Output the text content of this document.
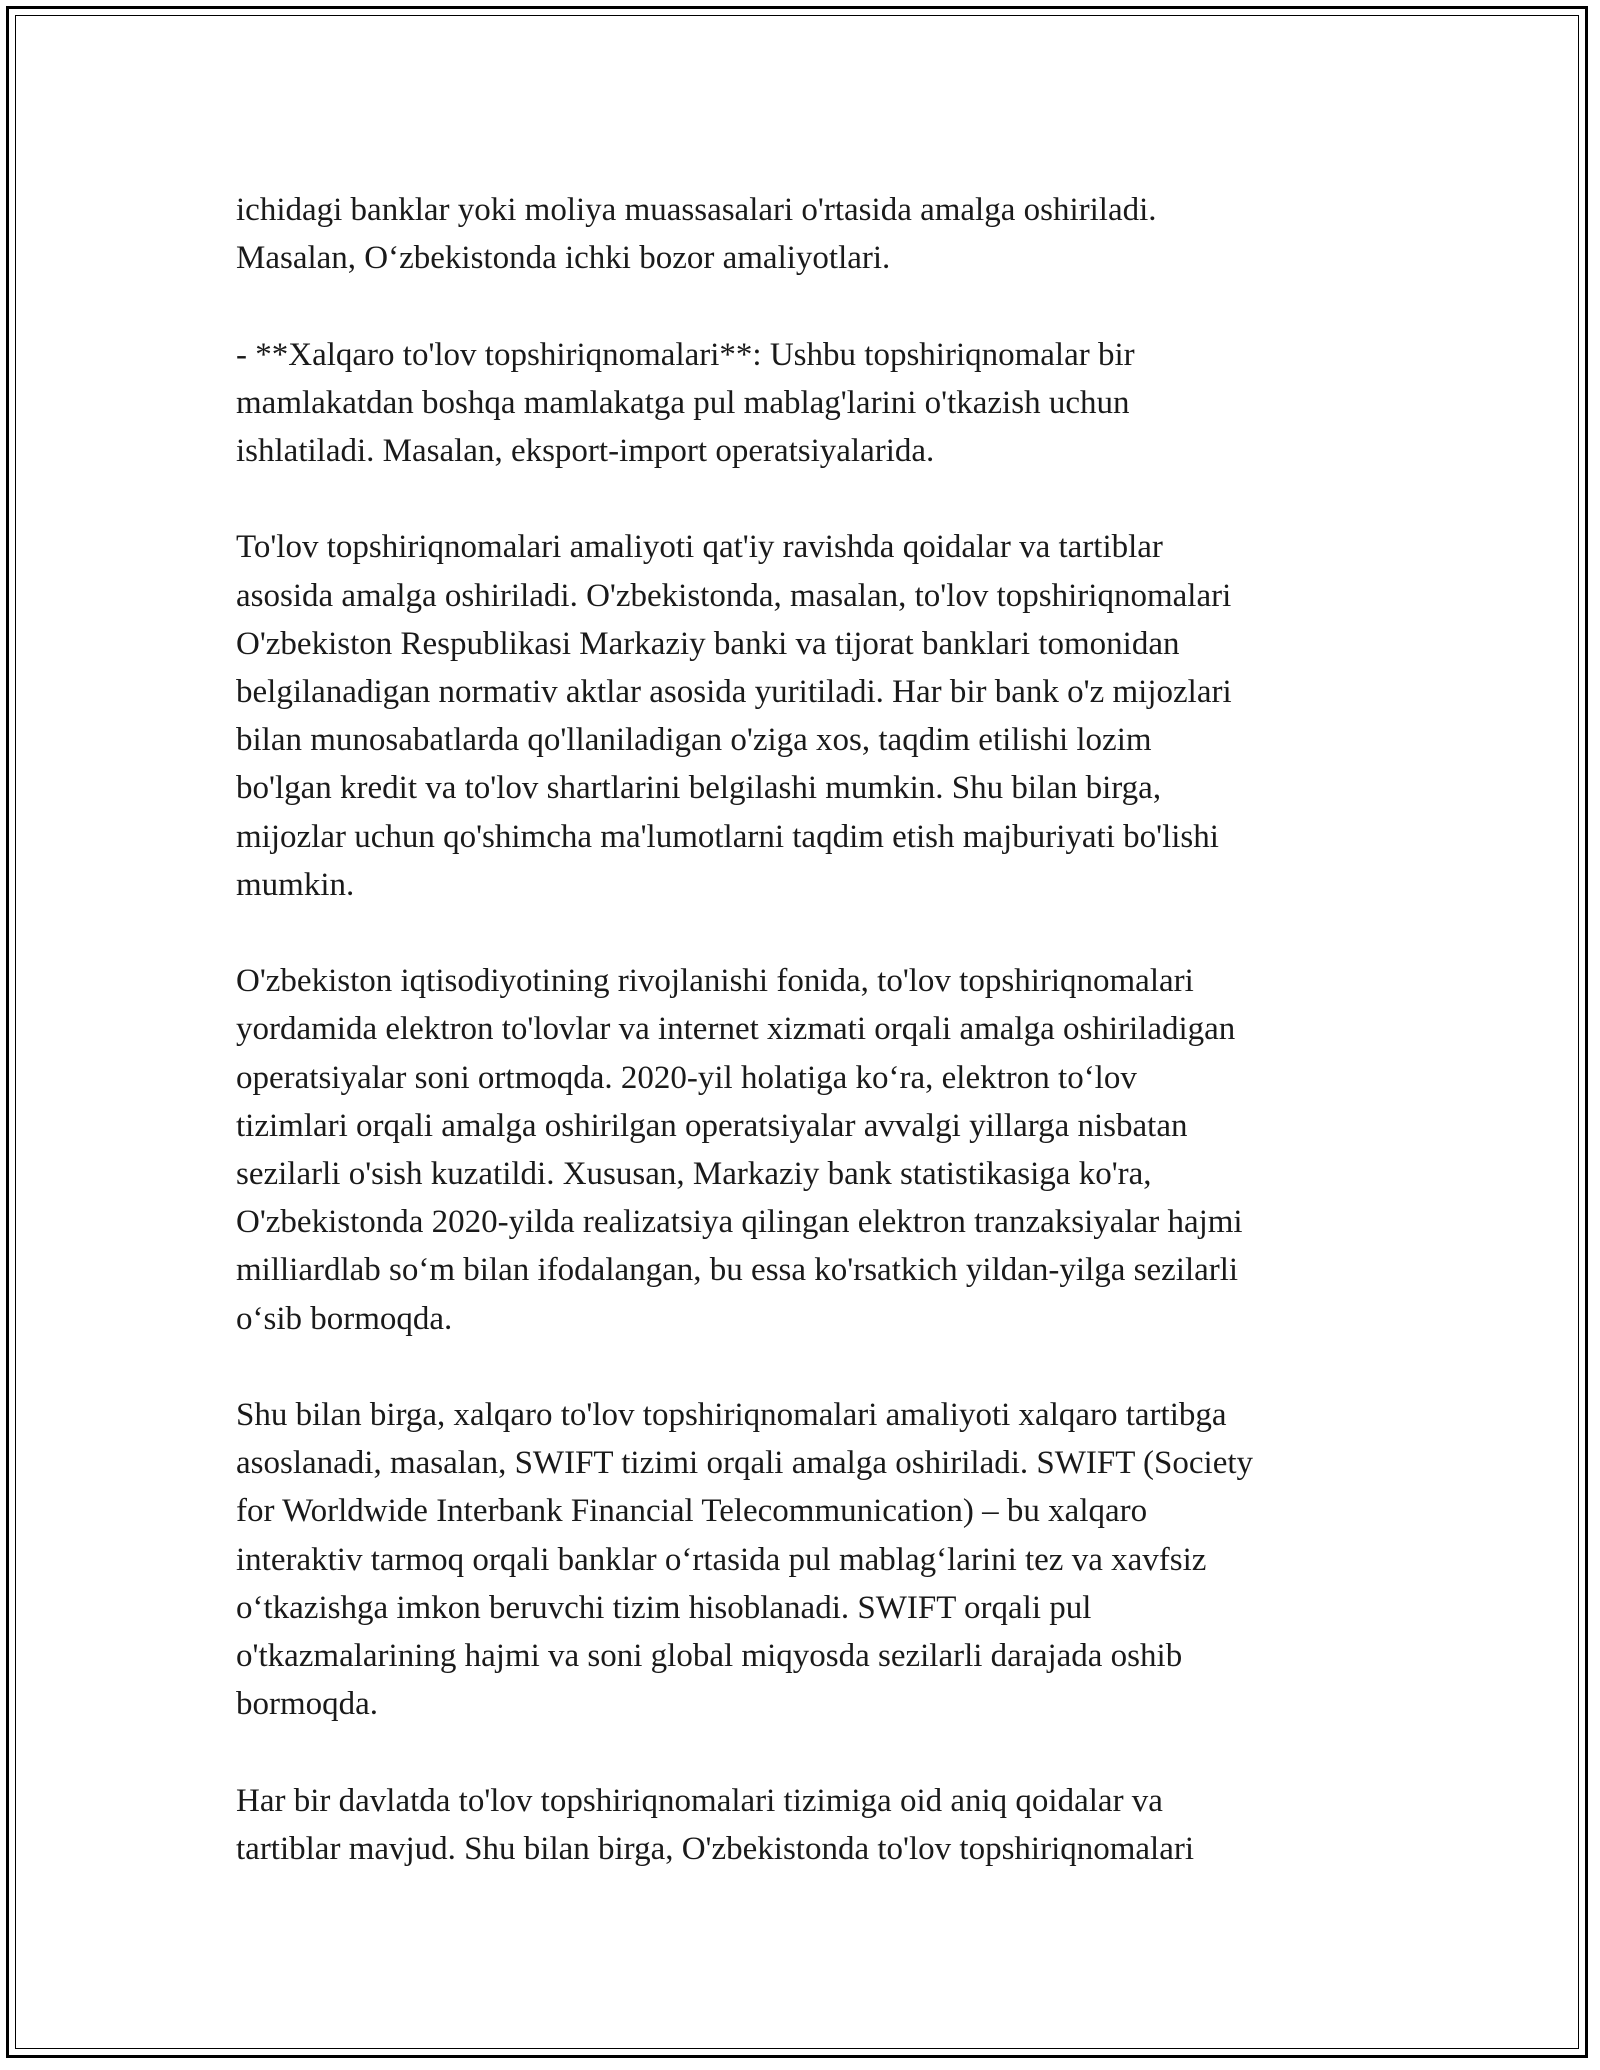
ichidagi banklar yoki moliya muassasalari o'rtasida amalga oshiriladi.
Masalan, Oʻzbekistonda ichki bozor amaliyotlari.

- **Xalqaro to'lov topshiriqnomalari**: Ushbu topshiriqnomalar bir
mamlakatdan boshqa mamlakatga pul mablag'larini o'tkazish uchun
ishlatiladi. Masalan, eksport-import operatsiyalarida.

To'lov topshiriqnomalari amaliyoti qat'iy ravishda qoidalar va tartiblar
asosida amalga oshiriladi. O'zbekistonda, masalan, to'lov topshiriqnomalari
O'zbekiston Respublikasi Markaziy banki va tijorat banklari tomonidan
belgilanadigan normativ aktlar asosida yuritiladi. Har bir bank o'z mijozlari
bilan munosabatlarda qo'llaniladigan o'ziga xos, taqdim etilishi lozim
bo'lgan kredit va to'lov shartlarini belgilashi mumkin. Shu bilan birga,
mijozlar uchun qo'shimcha ma'lumotlarni taqdim etish majburiyati bo'lishi
mumkin.

O'zbekiston iqtisodiyotining rivojlanishi fonida, to'lov topshiriqnomalari
yordamida elektron to'lovlar va internet xizmati orqali amalga oshiriladigan
operatsiyalar soni ortmoqda. 2020-yil holatiga koʻra, elektron toʻlov
tizimlari orqali amalga oshirilgan operatsiyalar avvalgi yillarga nisbatan
sezilarli o'sish kuzatildi. Xususan, Markaziy bank statistikasiga ko'ra,
O'zbekistonda 2020-yilda realizatsiya qilingan elektron tranzaksiyalar hajmi
milliardlab soʻm bilan ifodalangan, bu essa ko'rsatkich yildan-yilga sezilarli
oʻsib bormoqda.

Shu bilan birga, xalqaro to'lov topshiriqnomalari amaliyoti xalqaro tartibga
asoslanadi, masalan, SWIFT tizimi orqali amalga oshiriladi. SWIFT (Society
for Worldwide Interbank Financial Telecommunication) – bu xalqaro
interaktiv tarmoq orqali banklar oʻrtasida pul mablagʻlarini tez va xavfsiz
oʻtkazishga imkon beruvchi tizim hisoblanadi. SWIFT orqali pul
o'tkazmalarining hajmi va soni global miqyosda sezilarli darajada oshib
bormoqda.

Har bir davlatda to'lov topshiriqnomalari tizimiga oid aniq qoidalar va
tartiblar mavjud. Shu bilan birga, O'zbekistonda to'lov topshiriqnomalari
